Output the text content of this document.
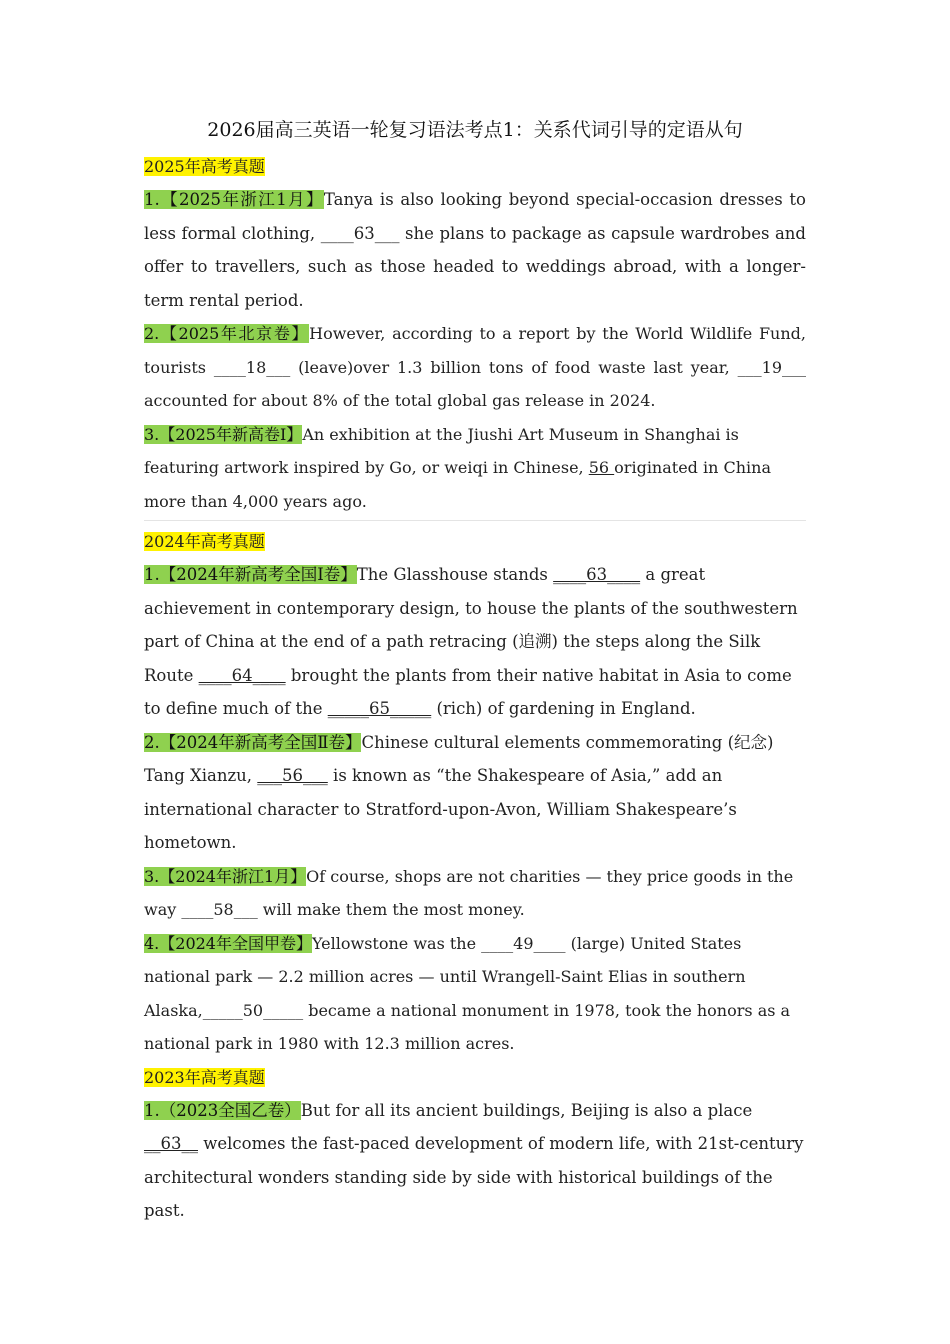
2026届高三英语一轮复习语法考点1：关系代词引导的定语从句

2025年高考真题

1.【2025年浙江1月】Tanya is also looking beyond special-occasion dresses to less formal clothing, ____63___ she plans to package as capsule wardrobes and offer to travellers, such as those headed to weddings abroad, with a longer-term rental period.

2.【2025年北京卷】However, according to a report by the World Wildlife Fund, tourists ____18___ (leave)over 1.3 billion tons of food waste last year, ___19___ accounted for about 8% of the total global gas release in 2024.

3.【2025年新高卷I】An exhibition at the Jiushi Art Museum in Shanghai is featuring artwork inspired by Go, or weiqi in Chinese, 56 originated in China more than 4,000 years ago.

2024年高考真题

1.【2024年新高考全国Ⅰ卷】The Glasshouse stands ____63____ a great achievement in contemporary design, to house the plants of the southwestern part of China at the end of a path retracing (追溯) the steps along the Silk Route ____64____ brought the plants from their native habitat in Asia to come to define much of the _____65_____ (rich) of gardening in England.

2.【2024年新高考全国Ⅱ卷】Chinese cultural elements commemorating (纪念) Tang Xianzu, ___56___ is known as “the Shakespeare of Asia,” add an international character to Stratford-upon-Avon, William Shakespeare’s hometown.

3.【2024年浙江1月】Of course, shops are not charities — they price goods in the way ____58___ will make them the most money.

4.【2024年全国甲卷】Yellowstone was the ____49____ (large) United States national park — 2.2 million acres — until Wrangell-Saint Elias in southern Alaska,_____50_____ became a national monument in 1978, took the honors as a national park in 1980 with 12.3 million acres.

2023年高考真题

1.（2023全国乙卷）But for all its ancient buildings, Beijing is also a place __63__ welcomes the fast-paced development of modern life, with 21st-century architectural wonders standing side by side with historical buildings of the past.
